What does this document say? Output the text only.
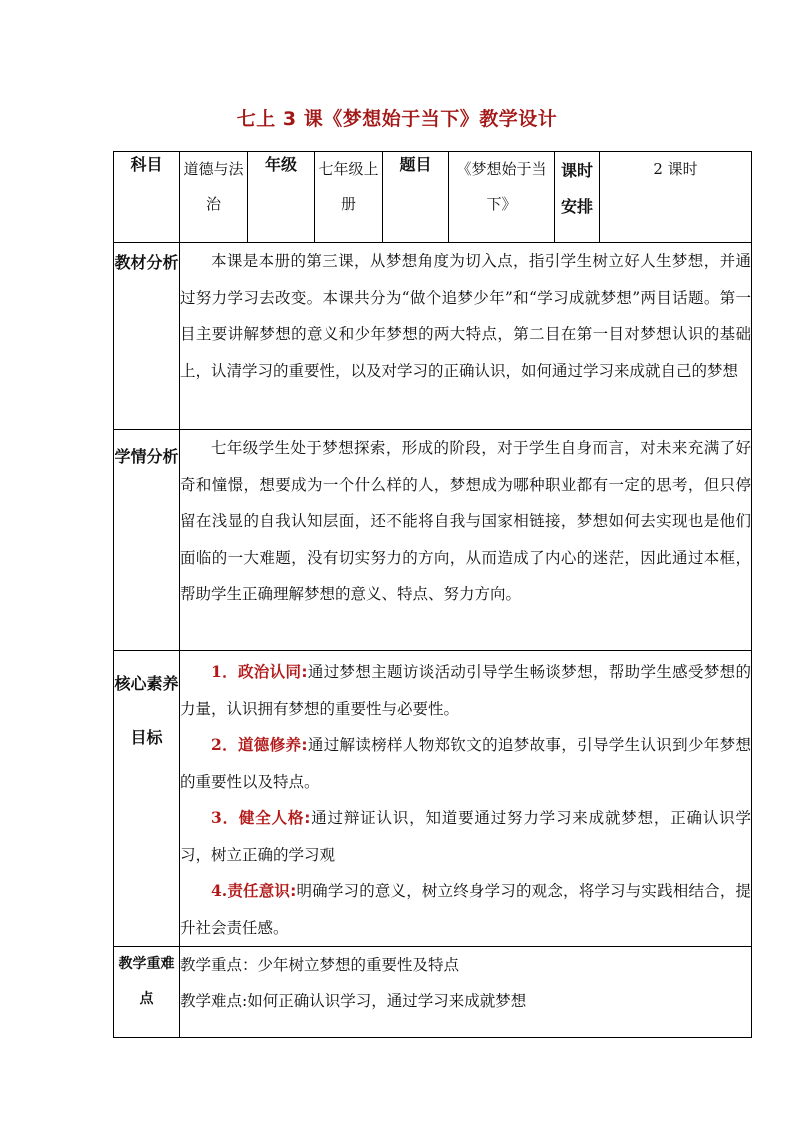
七上 3 课《梦想始于当下》教学设计
科目	道德与法治	年级	七年级上册	题目	《梦想始于当下》	课时安排	2 课时
教材分析	本课是本册的第三课，从梦想角度为切入点，指引学生树立好人生梦想，并通过努力学习去改变。本课共分为“做个追梦少年”和“学习成就梦想”两目话题。第一目主要讲解梦想的意义和少年梦想的两大特点，第二目在第一目对梦想认识的基础上，认清学习的重要性，以及对学习的正确认识，如何通过学习来成就自己的梦想						

学情分析	七年级学生处于梦想探索，形成的阶段，对于学生自身而言，对未来充满了好奇和憧憬，想要成为一个什么样的人，梦想成为哪种职业都有一定的思考，但只停留在浅显的自我认知层面，还不能将自我与国家相链接，梦想如何去实现也是他们面临的一大难题，没有切实努力的方向，从而造成了内心的迷茫，因此通过本框，帮助学生正确理解梦想的意义、特点、努力方向。						

核心素养目标	1．政治认同:通过梦想主题访谈活动引导学生畅谈梦想，帮助学生感受梦想的力量，认识拥有梦想的重要性与必要性。
2．道德修养:通过解读榜样人物郑钦文的追梦故事，引导学生认识到少年梦想的重要性以及特点。
3．健全人格:通过辩证认识，知道要通过努力学习来成就梦想，正确认识学习，树立正确的学习观
4.责任意识:明确学习的意义，树立终身学习的观念，将学习与实践相结合，提升社会责任感。						

教学重难点	教学重点：少年树立梦想的重要性及特点
教学难点:如何正确认识学习，通过学习来成就梦想						
